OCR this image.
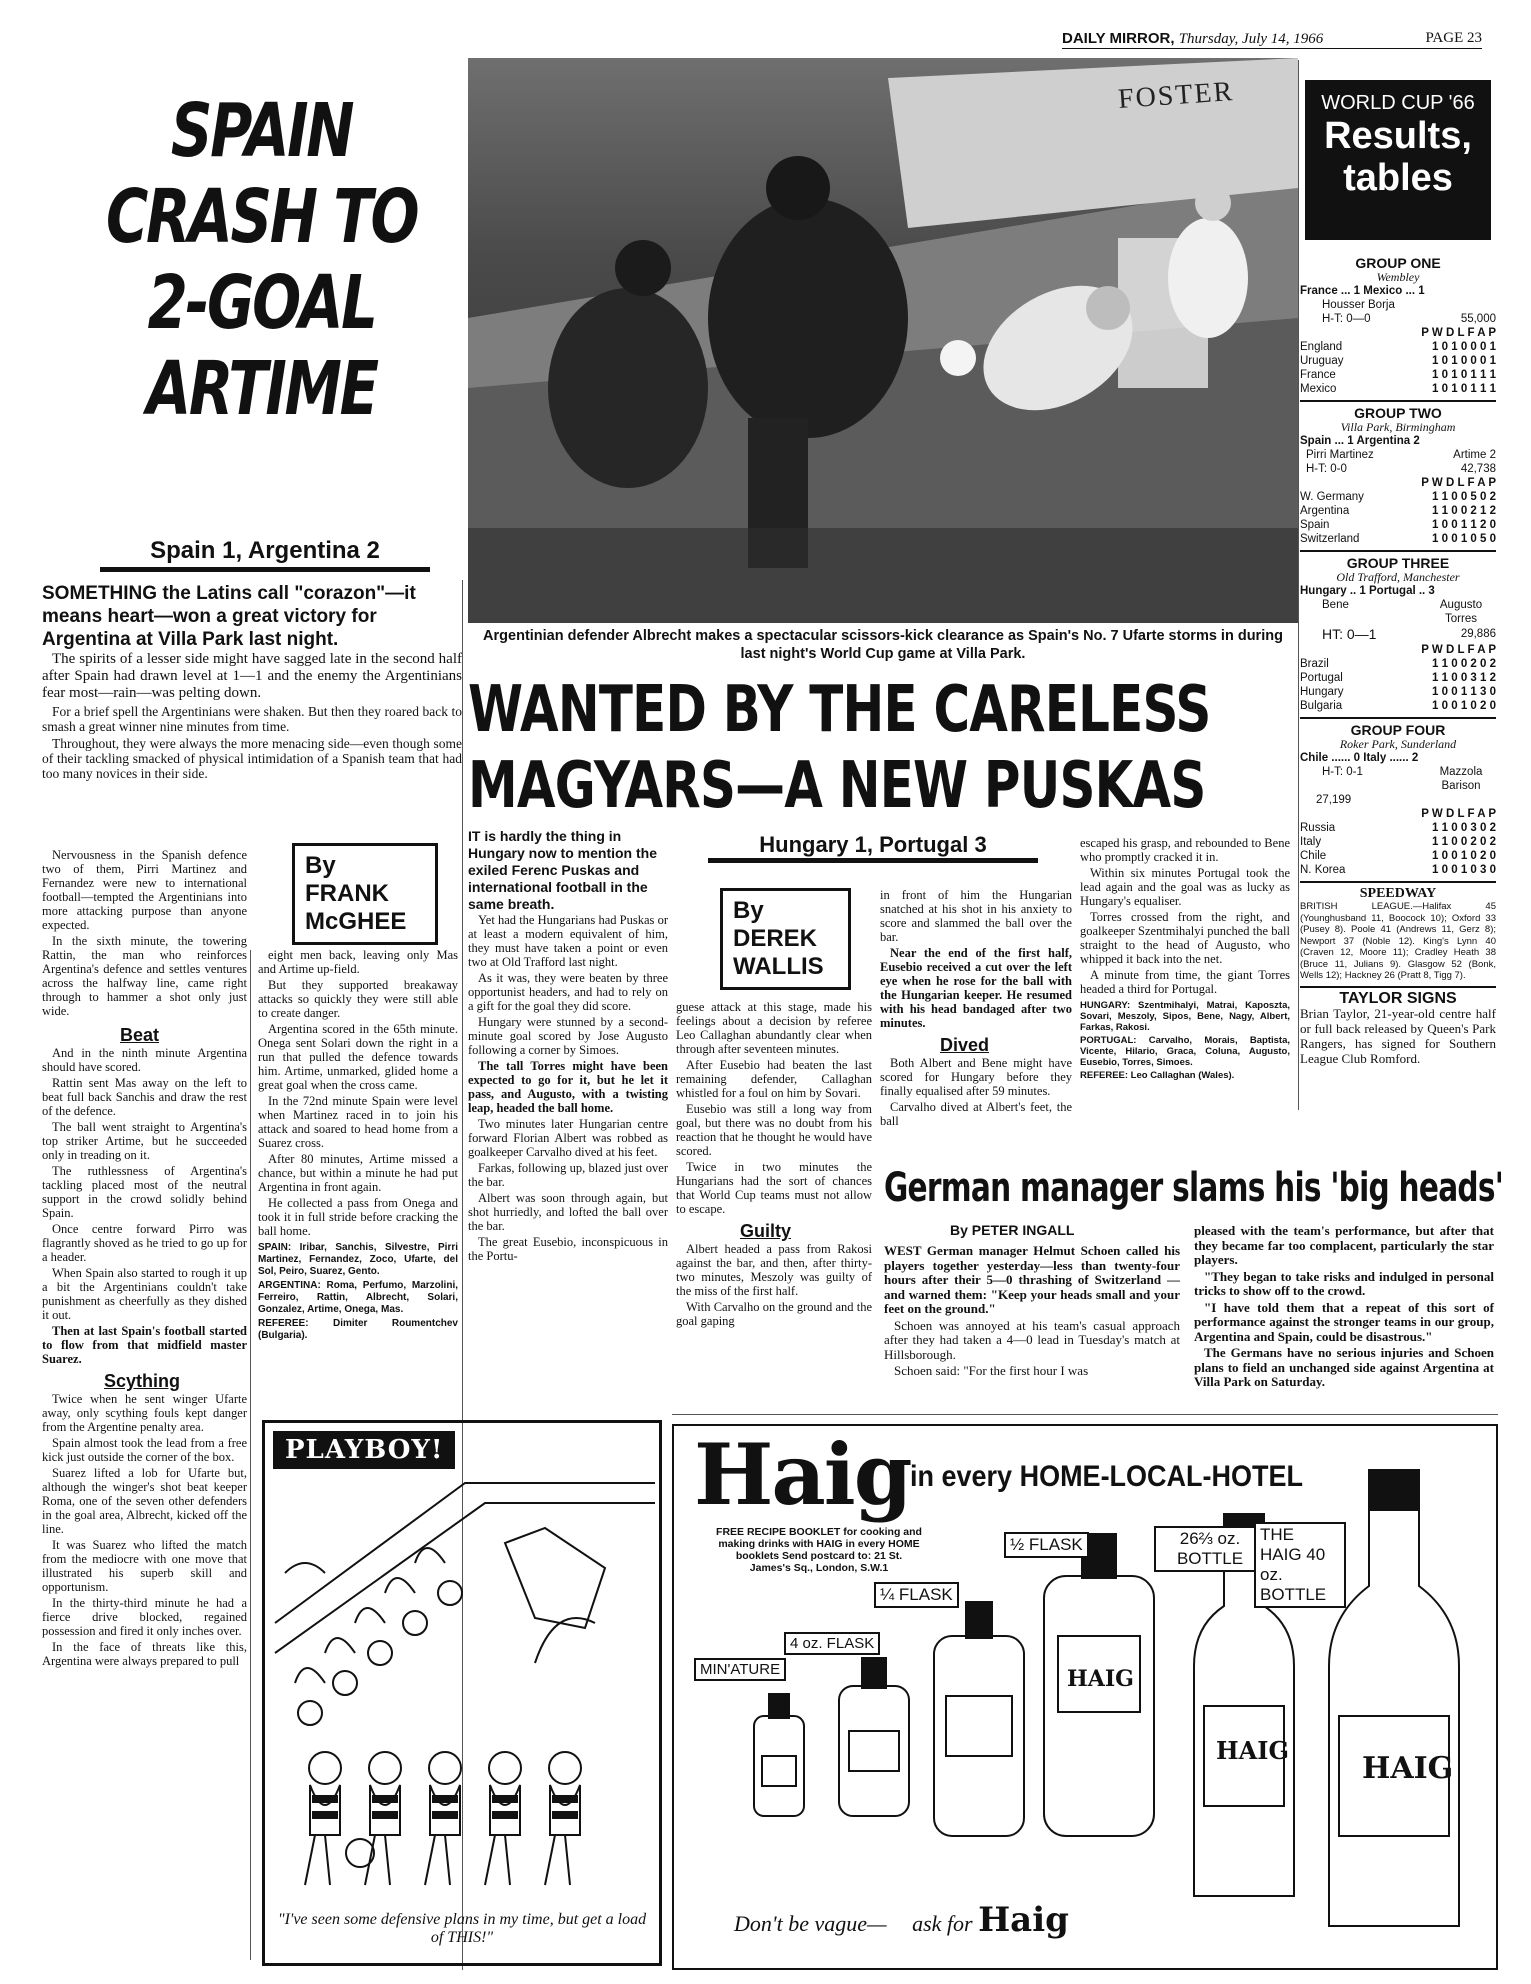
DAILY MIRROR, Thursday, July 14, 1966	PAGE 23
SPAIN
CRASH TO
2-GOAL
ARTIME
Spain 1, Argentina 2
SOMETHING the Latins call "corazon"—it means heart—won a great victory for Argentina at Villa Park last night.

The spirits of a lesser side might have sagged late in the second half after Spain had drawn level at 1—1 and the enemy the Argentinians fear most—rain—was pelting down.

For a brief spell the Argentinians were shaken. But then they roared back to smash a great winner nine minutes from time.

Throughout, they were always the more menacing side—even though some of their tackling smacked of physical intimidation of a Spanish team that had too many novices in their side.

Nervousness in the Spanish defence two of them, Pirri Martinez and Fernandez were new to international football—tempted the Argentinians into more attacking purpose than anyone expected.

In the sixth minute, the towering Rattin, the man who reinforces Argentina's defence and settles ventures across the halfway line, came right through to hammer a shot only just wide.

Beat

And in the ninth minute Argentina should have scored.

Rattin sent Mas away on the left to beat full back Sanchis and draw the rest of the defence.

The ball went straight to Argentina's top striker Artime, but he succeeded only in treading on it.

The ruthlessness of Argentina's tackling placed most of the neutral support in the crowd solidly behind Spain.

Once centre forward Pirro was flagrantly shoved as he tried to go up for a header.

When Spain also started to rough it up a bit the Argentinians couldn't take punishment as cheerfully as they dished it out.

Then at last Spain's football started to flow from that midfield master Suarez.

Scything

Twice when he sent winger Ufarte away, only scything fouls kept danger from the Argentine penalty area.

Spain almost took the lead from a free kick just outside the corner of the box.

Suarez lifted a lob for Ufarte but, although the winger's shot beat keeper Roma, one of the seven other defenders in the goal area, Albrecht, kicked off the line.

It was Suarez who lifted the match from the mediocre with one move that illustrated his superb skill and opportunism.

In the thirty-third minute he had a fierce drive blocked, regained possession and fired it only inches over.

In the face of threats like this, Argentina were always prepared to pull

By
FRANK
McGHEE

eight men back, leaving only Mas and Artime up-field.

But they supported breakaway attacks so quickly they were still able to create danger.

Argentina scored in the 65th minute. Onega sent Solari down the right in a run that pulled the defence towards him. Artime, unmarked, glided home a great goal when the cross came.

In the 72nd minute Spain were level when Martinez raced in to join his attack and soared to head home from a Suarez cross.

After 80 minutes, Artime missed a chance, but within a minute he had put Argentina in front again.

He collected a pass from Onega and took it in full stride before cracking the ball home.

SPAIN: Iribar, Sanchis, Silvestre, Pirri Martinez, Fernandez, Zoco, Ufarte, del Sol, Peiro, Suarez, Gento.

ARGENTINA: Roma, Perfumo, Marzolini, Ferreiro, Rattin, Albrecht, Solari, Gonzalez, Artime, Onega, Mas.

REFEREE: Dimiter Roumentchev (Bulgaria).

FOSTER
Argentinian defender Albrecht makes a spectacular scissors-kick clearance as Spain's No. 7 Ufarte storms in during last night's World Cup game at Villa Park.
WANTED BY THE CARELESS
MAGYARS—A NEW PUSKAS
Hungary 1, Portugal 3
IT is hardly the thing in Hungary now to mention the exiled Ferenc Puskas and international football in the same breath.

Yet had the Hungarians had Puskas or at least a modern equivalent of him, they must have taken a point or even two at Old Trafford last night.

As it was, they were beaten by three opportunist headers, and had to rely on a gift for the goal they did score.

Hungary were stunned by a second-minute goal scored by Jose Augusto following a corner by Simoes.

The tall Torres might have been expected to go for it, but he let it pass, and Augusto, with a twisting leap, headed the ball home.

Two minutes later Hungarian centre forward Florian Albert was robbed as goalkeeper Carvalho dived at his feet.

Farkas, following up, blazed just over the bar.

Albert was soon through again, but shot hurriedly, and lofted the ball over the bar.

The great Eusebio, inconspicuous in the Portu-

By
DEREK
WALLIS

guese attack at this stage, made his feelings about a decision by referee Leo Callaghan abundantly clear when through after seventeen minutes.

After Eusebio had beaten the last remaining defender, Callaghan whistled for a foul on him by Sovari.

Eusebio was still a long way from goal, but there was no doubt from his reaction that he thought he would have scored.

Twice in two minutes the Hungarians had the sort of chances that World Cup teams must not allow to escape.

Guilty

Albert headed a pass from Rakosi against the bar, and then, after thirty-two minutes, Meszoly was guilty of the miss of the first half.

With Carvalho on the ground and the goal gaping

in front of him the Hungarian snatched at his shot in his anxiety to score and slammed the ball over the bar.

Near the end of the first half, Eusebio received a cut over the left eye when he rose for the ball with the Hungarian keeper. He resumed with his head bandaged after two minutes.

Dived

Both Albert and Bene might have scored for Hungary before they finally equalised after 59 minutes.

Carvalho dived at Albert's feet, the ball

escaped his grasp, and rebounded to Bene who promptly cracked it in.

Within six minutes Portugal took the lead again and the goal was as lucky as Hungary's equaliser.

Torres crossed from the right, and goalkeeper Szentmihalyi punched the ball straight to the head of Augusto, who whipped it back into the net.

A minute from time, the giant Torres headed a third for Portugal.

HUNGARY: Szentmihalyi, Matrai, Kaposzta, Sovari, Meszoly, Sipos, Bene, Nagy, Albert, Farkas, Rakosi.

PORTUGAL: Carvalho, Morais, Baptista, Vicente, Hilario, Graca, Coluna, Augusto, Eusebio, Torres, Simoes.

REFEREE: Leo Callaghan (Wales).

German manager slams his 'big heads'
By PETER INGALL

WEST German manager Helmut Schoen called his players together yesterday—less than twenty-four hours after their 5—0 thrashing of Switzerland —and warned them: "Keep your heads small and your feet on the ground."

Schoen was annoyed at his team's casual approach after they had taken a 4—0 lead in Tuesday's match at Hillsborough.

Schoen said: "For the first hour I was

pleased with the team's performance, but after that they became far too complacent, particularly the star players.

"They began to take risks and indulged in personal tricks to show off to the crowd.

"I have told them that a repeat of this sort of performance against the stronger teams in our group, Argentina and Spain, could be disastrous."

The Germans have no serious injuries and Schoen plans to field an unchanged side against Argentina at Villa Park on Saturday.

WORLD CUP '66
Results,
tables
GROUP ONE
Wembley
France ... 1 Mexico ... 1
Housser Borja
H-T: 0—0	55,000
P W D L F A P
England	1 0 1 0 0 0 1
Uruguay	1 0 1 0 0 0 1
France	1 0 1 0 1 1 1
Mexico	1 0 1 0 1 1 1
GROUP TWO
Villa Park, Birmingham
Spain ... 1 Argentina 2
Pirri Martinez	Artime 2
H-T: 0-0	42,738
P W D L F A P
W. Germany	1 1 0 0 5 0 2
Argentina	1 1 0 0 2 1 2
Spain	1 0 0 1 1 2 0
Switzerland	1 0 0 1 0 5 0
GROUP THREE
Old Trafford, Manchester
Hungary .. 1 Portugal .. 3
Bene	Augusto Torres
HT: 0—1	29,886
P W D L F A P
Brazil	1 1 0 0 2 0 2
Portugal	1 1 0 0 3 1 2
Hungary	1 0 0 1 1 3 0
Bulgaria	1 0 0 1 0 2 0
GROUP FOUR
Roker Park, Sunderland
Chile ...... 0 Italy ...... 2
H-T: 0-1	Mazzola Barison
27,199
P W D L F A P
Russia	1 1 0 0 3 0 2
Italy	1 1 0 0 2 0 2
Chile	1 0 0 1 0 2 0
N. Korea	1 0 0 1 0 3 0
SPEEDWAY
BRITISH LEAGUE.—Halifax 45 (Younghusband 11, Boocock 10); Oxford 33 (Pusey 8). Poole 41 (Andrews 11, Gerz 8); Newport 37 (Noble 12). King's Lynn 40 (Craven 12, Moore 11); Cradley Heath 38 (Bruce 11, Julians 9). Glasgow 52 (Bonk, Wells 12); Hackney 26 (Pratt 8, Tigg 7).
TAYLOR SIGNS
Brian Taylor, 21-year-old centre half or full back released by Queen's Park Rangers, has signed for Southern League Club Romford.
PLAYBOY!
"I've seen some defensive plans in my time, but get a load of THIS!"
Haig in every HOME-LOCAL-HOTEL
FREE RECIPE BOOKLET for cooking and making drinks with HAIG in every HOME booklets Send postcard to: 21 St. James's Sq., London, S.W.1
HAIG
HAIG
HAIG
MIN'ATURE
4 oz. FLASK
¼ FLASK
½ FLASK	26⅔ oz. BOTTLE
THE HAIG 40 oz. BOTTLE
Don't be vague— ask for Haig
